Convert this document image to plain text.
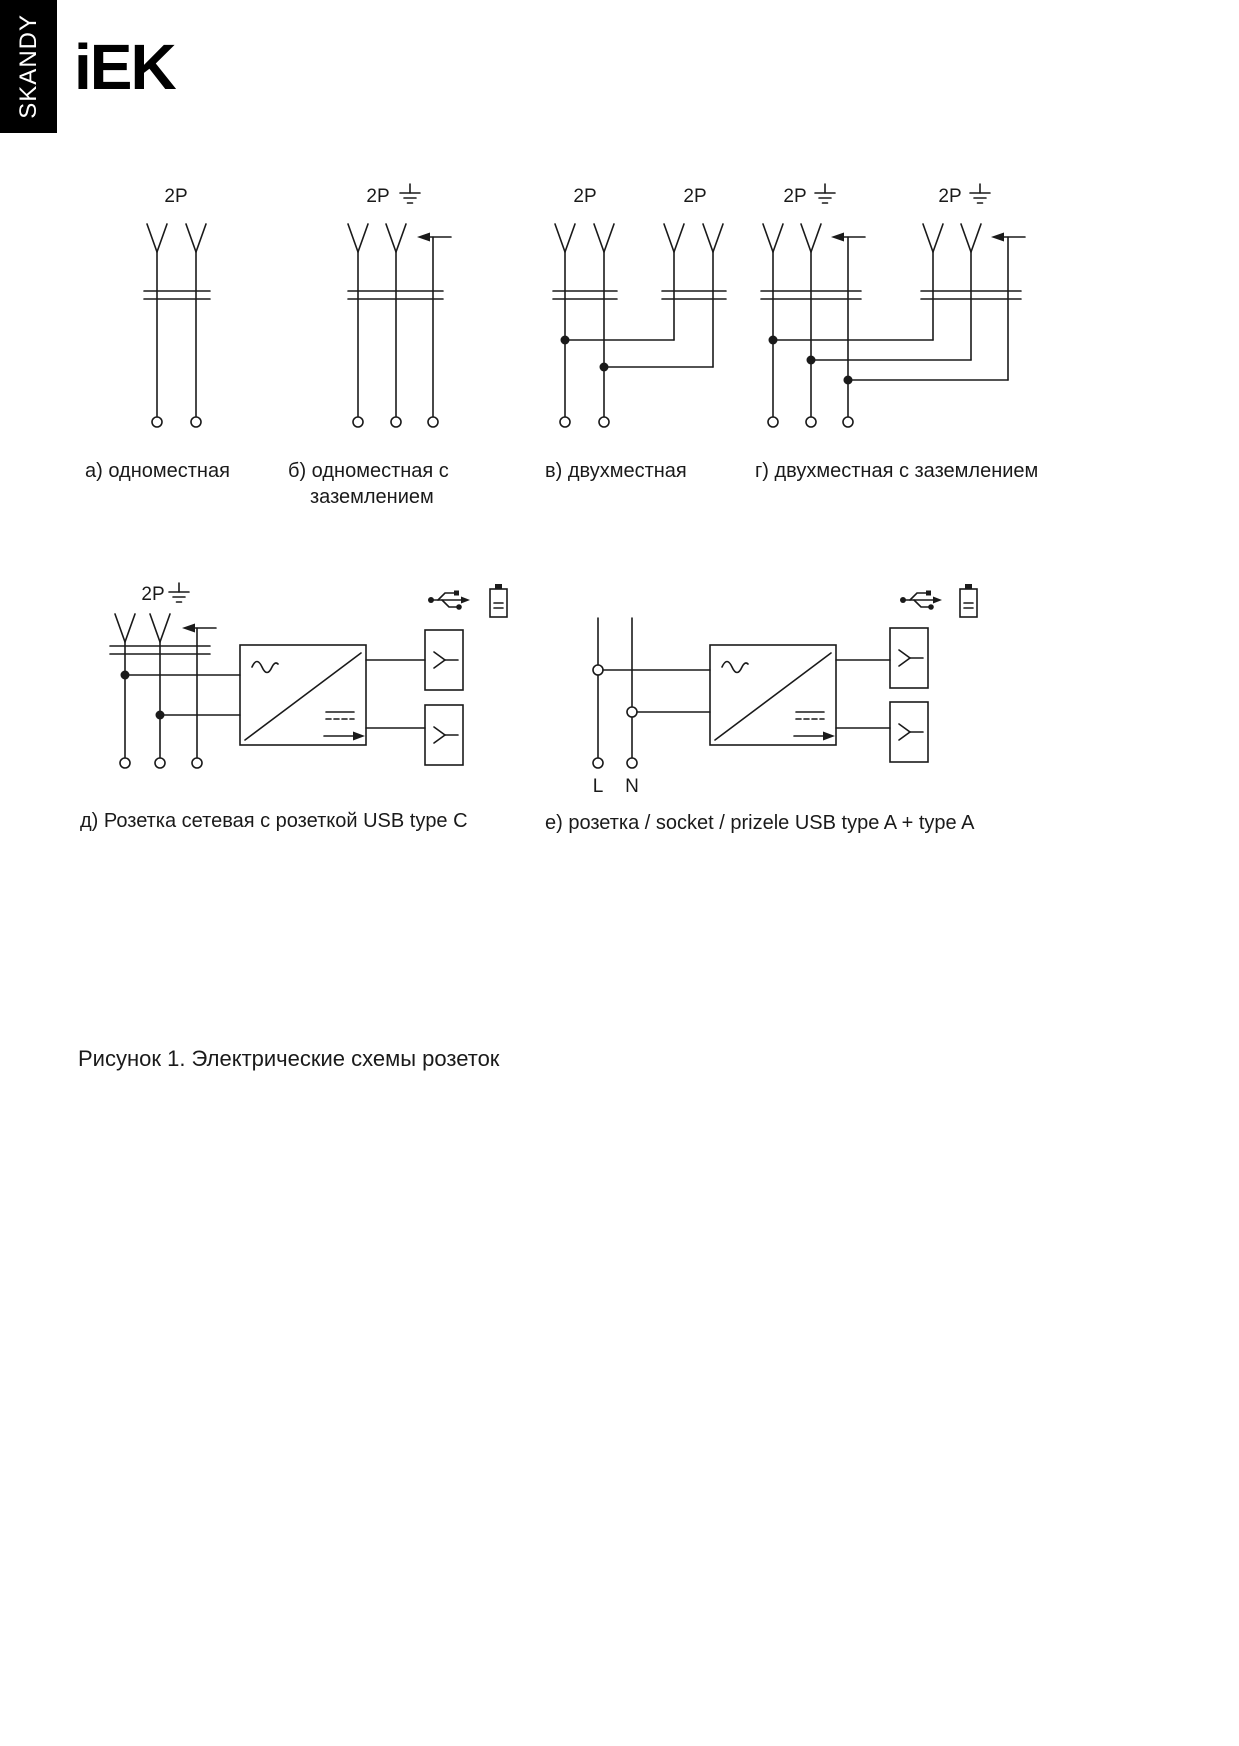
SKANDY iEK
2P	2P	2P	2P	2P	2P
а) одноместная	б) одноместная с
заземлением
в) двухместная	г) двухместная с заземлением
2P
L N
д) Розетка сетевая с розеткой USB type C	е) розетка / socket / prizele USB type A + type A
Рисунок 1. Электрические схемы розеток
